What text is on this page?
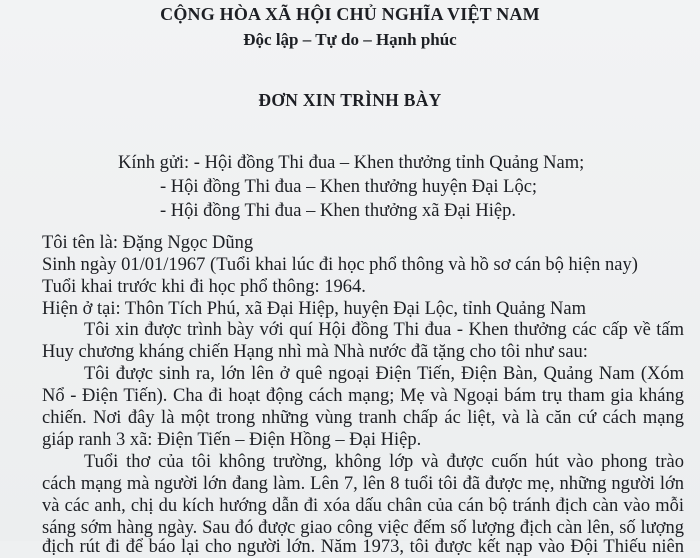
CỘNG HÒA XÃ HỘI CHỦ NGHĨA VIỆT NAM
Độc lập – Tự do – Hạnh phúc
ĐƠN XIN TRÌNH BÀY
Kính gửi: - Hội đồng Thi đua – Khen thưởng tỉnh Quảng Nam;
- Hội đồng Thi đua – Khen thưởng huyện Đại Lộc;
- Hội đồng Thi đua – Khen thưởng xã Đại Hiệp.
Tôi tên là: Đặng Ngọc Dũng
Sinh ngày 01/01/1967 (Tuổi khai lúc đi học phổ thông và hồ sơ cán bộ hiện nay)
Tuổi khai trước khi đi học phổ thông: 1964.
Hiện ở tại: Thôn Tích Phú, xã Đại Hiệp, huyện Đại Lộc, tỉnh Quảng Nam
Tôi xin được trình bày với quí Hội đồng Thi đua - Khen thưởng các cấp về tấm
Huy chương kháng chiến Hạng nhì mà Nhà nước đã tặng cho tôi như sau:
Tôi được sinh ra, lớn lên ở quê ngoại Điện Tiến, Điện Bàn, Quảng Nam (Xóm
Nổ - Điện Tiến). Cha đi hoạt động cách mạng; Mẹ và Ngoại bám trụ tham gia kháng
chiến. Nơi đây là một trong những vùng tranh chấp ác liệt, và là căn cứ cách mạng
giáp ranh 3 xã: Điện Tiến – Điện Hồng – Đại Hiệp.
Tuổi thơ của tôi không trường, không lớp và được cuốn hút vào phong trào
cách mạng mà người lớn đang làm. Lên 7, lên 8 tuổi tôi đã được mẹ, những người lớn
và các anh, chị du kích hướng dẫn đi xóa dấu chân của cán bộ tránh địch càn vào mỗi
sáng sớm hàng ngày. Sau đó được giao công việc đếm số lượng địch càn lên, số lượng
địch rút đi để báo lại cho người lớn. Năm 1973, tôi được kết nạp vào Đội Thiếu niên
